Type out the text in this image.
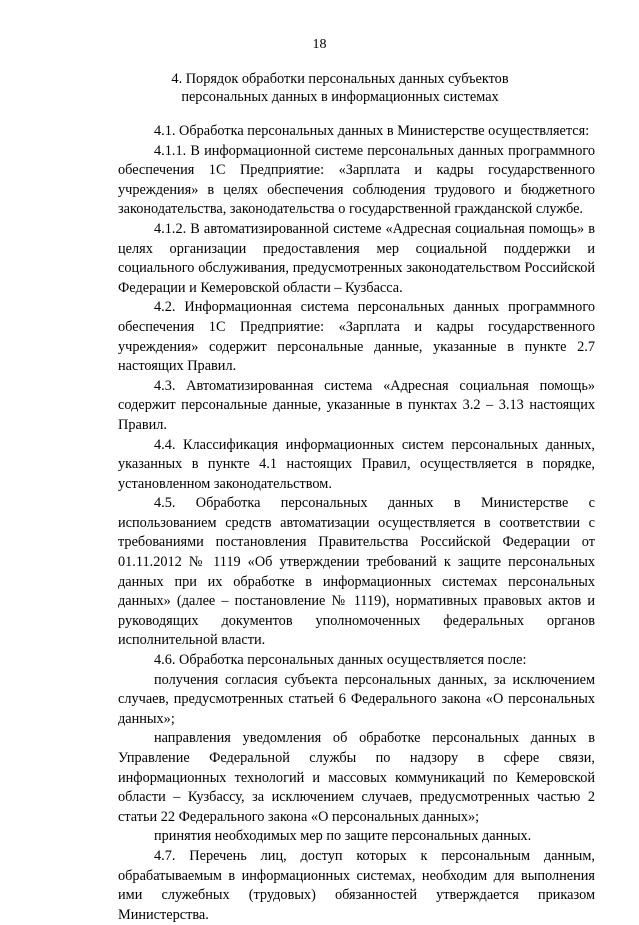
18
4. Порядок обработки персональных данных субъектов
персональных данных в информационных системах

4.1. Обработка персональных данных в Министерстве осуществляется:

4.1.1. В информационной системе персональных данных программного обеспечения 1С Предприятие: «Зарплата и кадры государственного учреждения» в целях обеспечения соблюдения трудового и бюджетного законодательства, законодательства о государственной гражданской службе.

4.1.2. В автоматизированной системе «Адресная социальная помощь» в целях организации предоставления мер социальной поддержки и социального обслуживания, предусмотренных законодательством Российской Федерации и Кемеровской области – Кузбасса.

4.2. Информационная система персональных данных программного обеспечения 1С Предприятие: «Зарплата и кадры государственного учреждения» содержит персональные данные, указанные в пункте 2.7 настоящих Правил.

4.3. Автоматизированная система «Адресная социальная помощь» содержит персональные данные, указанные в пунктах 3.2 – 3.13 настоящих Правил.

4.4. Классификация информационных систем персональных данных, указанных в пункте 4.1 настоящих Правил, осуществляется в порядке, установленном законодательством.

4.5. Обработка персональных данных в Министерстве с использованием средств автоматизации осуществляется в соответствии с требованиями постановления Правительства Российской Федерации от 01.11.2012 № 1119 «Об утверждении требований к защите персональных данных при их обработке в информационных системах персональных данных» (далее – постановление № 1119), нормативных правовых актов и руководящих документов уполномоченных федеральных органов исполнительной власти.

4.6. Обработка персональных данных осуществляется после:

получения согласия субъекта персональных данных, за исключением случаев, предусмотренных статьей 6 Федерального закона «О персональных данных»;

направления уведомления об обработке персональных данных в Управление Федеральной службы по надзору в сфере связи, информационных технологий и массовых коммуникаций по Кемеровской области – Кузбассу, за исключением случаев, предусмотренных частью 2 статьи 22 Федерального закона «О персональных данных»;

принятия необходимых мер по защите персональных данных.

4.7. Перечень лиц, доступ которых к персональным данным, обрабатываемым в информационных системах, необходим для выполнения ими служебных (трудовых) обязанностей утверждается приказом Министерства.
